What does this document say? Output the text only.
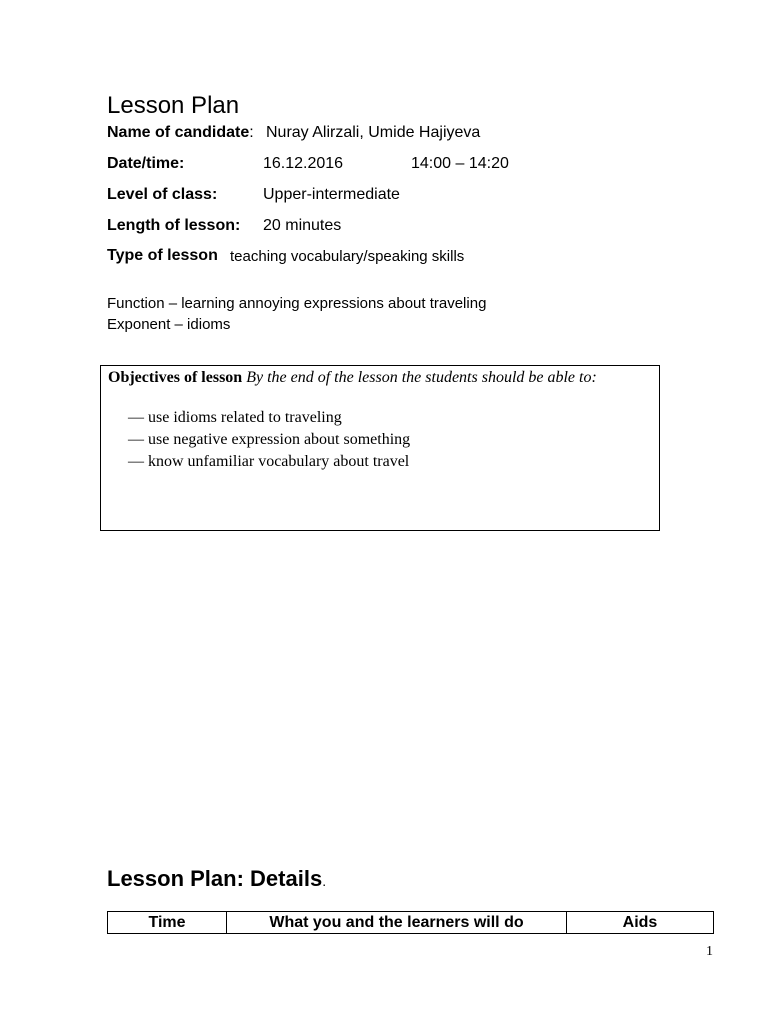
Lesson Plan
Name of candidate: Nuray Alirzali, Umide Hajiyeva
Date/time:	16.12.2016	14:00 – 14:20
Level of class:	Upper-intermediate
Length of lesson: 20 minutes
Type of lesson teaching vocabulary/speaking skills
Function – learning annoying expressions about traveling
Exponent – idioms
Objectives of lesson By the end of the lesson the students should be able to:
— use idioms related to traveling
— use negative expression about something
— know unfamiliar vocabulary about travel
Lesson Plan: Details.
Time	What you and the learners will do	Aids
1
